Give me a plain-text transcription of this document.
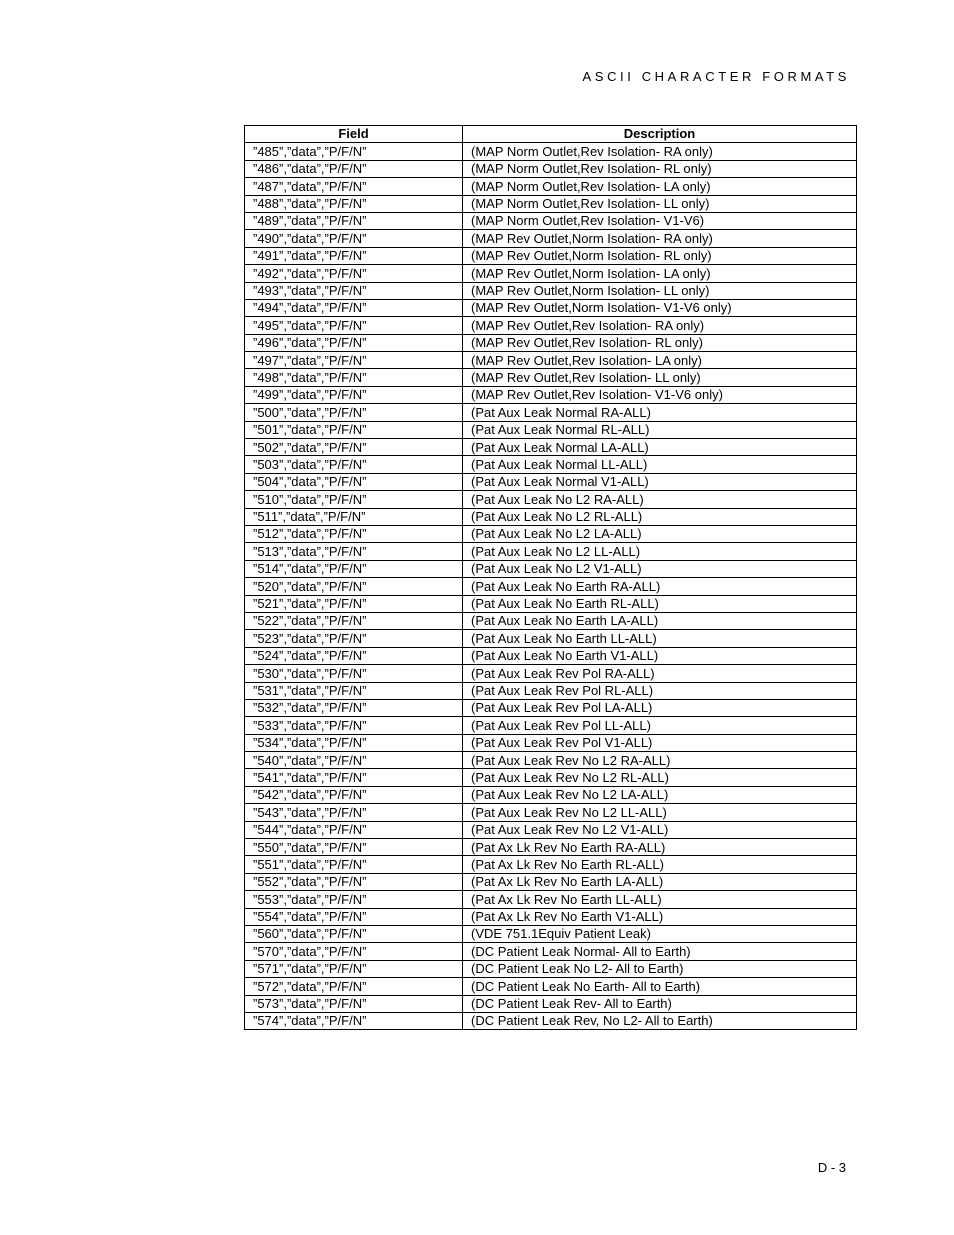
ASCII CHARACTER FORMATS
Field	Description
”485”,”data”,”P/F/N”	(MAP Norm Outlet,Rev Isolation- RA only)
”486”,”data”,”P/F/N”	(MAP Norm Outlet,Rev Isolation- RL only)
”487”,”data”,”P/F/N”	(MAP Norm Outlet,Rev Isolation- LA only)
”488”,”data”,”P/F/N”	(MAP Norm Outlet,Rev Isolation- LL only)
”489”,”data”,”P/F/N”	(MAP Norm Outlet,Rev Isolation- V1-V6)
”490”,”data”,”P/F/N”	(MAP Rev Outlet,Norm Isolation- RA only)
”491”,”data”,”P/F/N”	(MAP Rev Outlet,Norm Isolation- RL only)
”492”,”data”,”P/F/N”	(MAP Rev Outlet,Norm Isolation- LA only)
”493”,”data”,”P/F/N”	(MAP Rev Outlet,Norm Isolation- LL only)
”494”,”data”,”P/F/N”	(MAP Rev Outlet,Norm Isolation- V1-V6 only)
”495”,”data”,”P/F/N”	(MAP Rev Outlet,Rev Isolation- RA only)
”496”,”data”,”P/F/N”	(MAP Rev Outlet,Rev Isolation- RL only)
”497”,”data”,”P/F/N”	(MAP Rev Outlet,Rev Isolation- LA only)
”498”,”data”,”P/F/N”	(MAP Rev Outlet,Rev Isolation- LL only)
”499”,”data”,”P/F/N”	(MAP Rev Outlet,Rev Isolation- V1-V6 only)
”500”,”data”,”P/F/N”	(Pat Aux Leak Normal RA-ALL)
”501”,”data”,”P/F/N”	(Pat Aux Leak Normal RL-ALL)
”502”,”data”,”P/F/N”	(Pat Aux Leak Normal LA-ALL)
”503”,”data”,”P/F/N”	(Pat Aux Leak Normal LL-ALL)
”504”,”data”,”P/F/N”	(Pat Aux Leak Normal V1-ALL)
”510”,”data”,”P/F/N”	(Pat Aux Leak No L2 RA-ALL)
”511”,”data”,”P/F/N”	(Pat Aux Leak No L2 RL-ALL)
”512”,”data”,”P/F/N”	(Pat Aux Leak No L2 LA-ALL)
”513”,”data”,”P/F/N”	(Pat Aux Leak No L2 LL-ALL)
”514”,”data”,”P/F/N”	(Pat Aux Leak No L2 V1-ALL)
”520”,”data”,”P/F/N”	(Pat Aux Leak No Earth RA-ALL)
”521”,”data”,”P/F/N”	(Pat Aux Leak No Earth RL-ALL)
”522”,”data”,”P/F/N”	(Pat Aux Leak No Earth LA-ALL)
”523”,”data”,”P/F/N”	(Pat Aux Leak No Earth LL-ALL)
”524”,”data”,”P/F/N”	(Pat Aux Leak No Earth V1-ALL)
”530”,”data”,”P/F/N”	(Pat Aux Leak Rev Pol RA-ALL)
”531”,”data”,”P/F/N”	(Pat Aux Leak Rev Pol RL-ALL)
”532”,”data”,”P/F/N”	(Pat Aux Leak Rev Pol LA-ALL)
”533”,”data”,”P/F/N”	(Pat Aux Leak Rev Pol LL-ALL)
”534”,”data”,”P/F/N”	(Pat Aux Leak Rev Pol V1-ALL)
”540”,”data”,”P/F/N”	(Pat Aux Leak Rev No L2 RA-ALL)
”541”,”data”,”P/F/N”	(Pat Aux Leak Rev No L2 RL-ALL)
”542”,”data”,”P/F/N”	(Pat Aux Leak Rev No L2 LA-ALL)
”543”,”data”,”P/F/N”	(Pat Aux Leak Rev No L2 LL-ALL)
”544”,”data”,”P/F/N”	(Pat Aux Leak Rev No L2 V1-ALL)
”550”,”data”,”P/F/N”	(Pat Ax Lk Rev No Earth RA-ALL)
”551”,”data”,”P/F/N”	(Pat Ax Lk Rev No Earth RL-ALL)
”552”,”data”,”P/F/N”	(Pat Ax Lk Rev No Earth LA-ALL)
”553”,”data”,”P/F/N”	(Pat Ax Lk Rev No Earth LL-ALL)
”554”,”data”,”P/F/N”	(Pat Ax Lk Rev No Earth V1-ALL)
”560”,”data”,”P/F/N”	(VDE 751.1Equiv Patient Leak)
”570”,”data”,”P/F/N”	(DC Patient Leak Normal- All to Earth)
”571”,”data”,”P/F/N”	(DC Patient Leak No L2- All to Earth)
”572”,”data”,”P/F/N”	(DC Patient Leak No Earth- All to Earth)
”573”,”data”,”P/F/N”	(DC Patient Leak Rev- All to Earth)
”574”,”data”,”P/F/N”	(DC Patient Leak Rev, No L2- All to Earth)
D - 3
